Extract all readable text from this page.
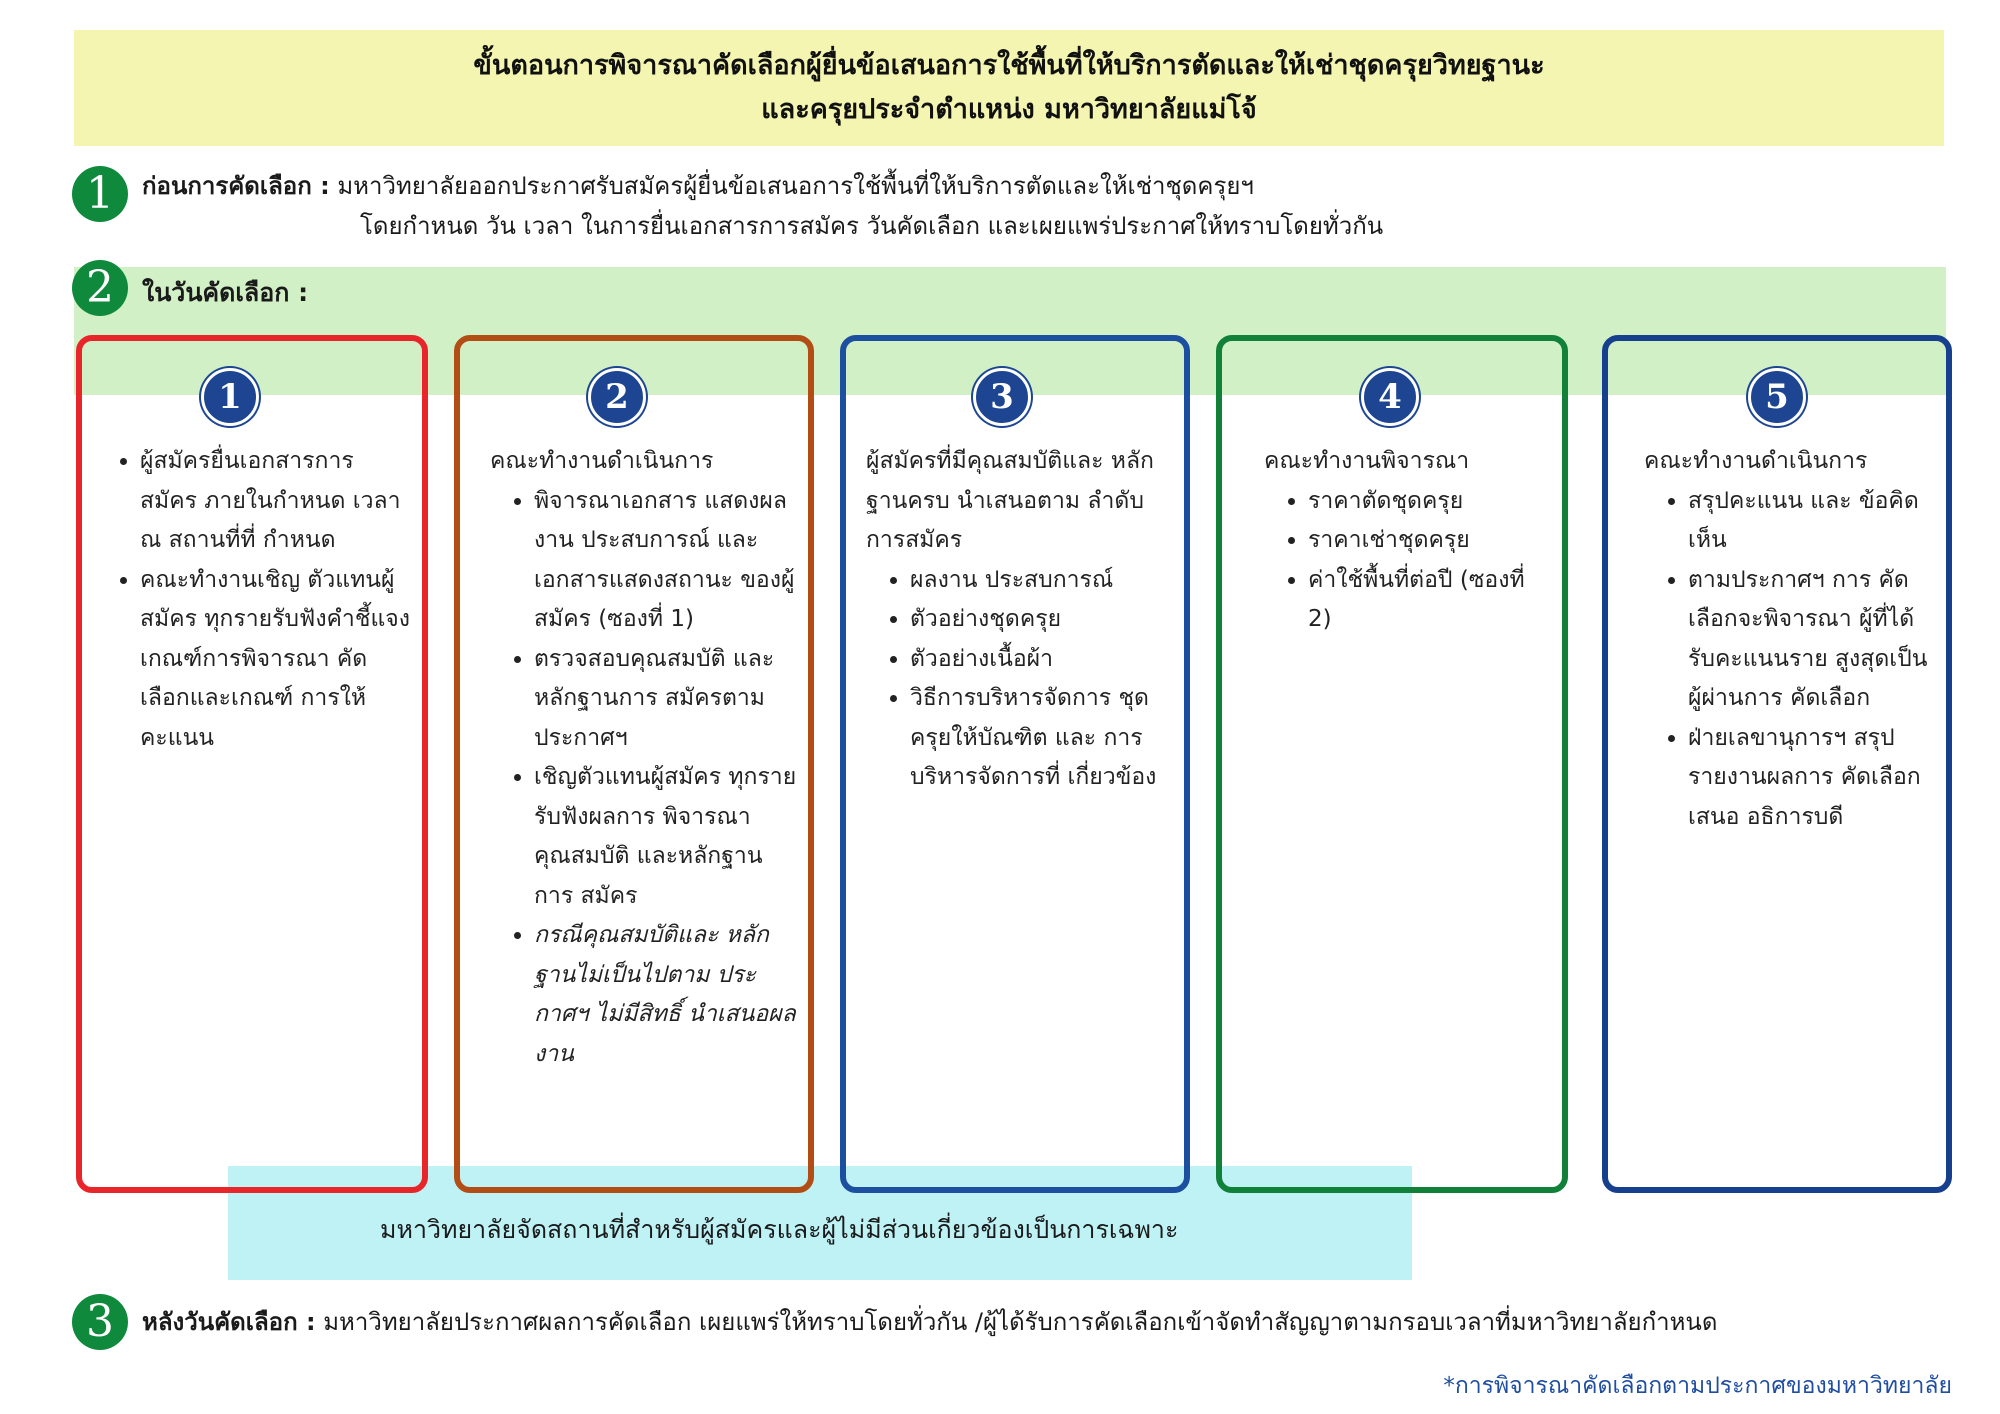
ขั้นตอนการพิจารณาคัดเลือกผู้ยื่นข้อเสนอการใช้พื้นที่ให้บริการตัดและให้เช่าชุดครุยวิทยฐานะ
และครุยประจำตำแหน่ง มหาวิทยาลัยแม่โจ้
1	ก่อนการคัดเลือก : มหาวิทยาลัยออกประกาศรับสมัครผู้ยื่นข้อเสนอการใช้พื้นที่ให้บริการตัดและให้เช่าชุดครุยฯ
โดยกำหนด วัน เวลา ในการยื่นเอกสารการสมัคร วันคัดเลือก และเผยแพร่ประกาศให้ทราบโดยทั่วกัน
2	ในวันคัดเลือก :
มหาวิทยาลัยจัดสถานที่สำหรับผู้สมัครและผู้ไม่มีส่วนเกี่ยวข้องเป็นการเฉพาะ
1
• ผู้สมัครยื่นเอกสารการ สมัคร ภายในกำหนด เวลา ณ สถานที่ที่ กำหนด
• คณะทำงานเชิญ ตัวแทนผู้สมัคร ทุกรายรับฟังคำชี้แจง เกณฑ์การพิจารณา คัดเลือกและเกณฑ์ การให้คะแนน
2
คณะทำงานดำเนินการ
• พิจารณาเอกสาร แสดงผลงาน ประสบการณ์ และ เอกสารแสดงสถานะ ของผู้สมัคร (ซองที่ 1)
• ตรวจสอบคุณสมบัติ และหลักฐานการ สมัครตามประกาศฯ
• เชิญตัวแทนผู้สมัคร ทุกราย รับฟังผลการ พิจารณาคุณสมบัติ และหลักฐานการ สมัคร
• กรณีคุณสมบัติและ หลักฐานไม่เป็นไปตาม ประกาศฯ ไม่มีสิทธิ์ นำเสนอผลงาน
3
ผู้สมัครที่มีคุณสมบัติและ หลักฐานครบ นำเสนอตาม ลำดับการสมัคร
• ผลงาน ประสบการณ์
• ตัวอย่างชุดครุย
• ตัวอย่างเนื้อผ้า
• วิธีการบริหารจัดการ ชุดครุยให้บัณฑิต และ การบริหารจัดการที่ เกี่ยวข้อง
4
คณะทำงานพิจารณา
• ราคาตัดชุดครุย
• ราคาเช่าชุดครุย
• ค่าใช้พื้นที่ต่อปี (ซองที่ 2)
5
คณะทำงานดำเนินการ
• สรุปคะแนน และ ข้อคิดเห็น
• ตามประกาศฯ การ คัดเลือกจะพิจารณา ผู้ที่ได้รับคะแนนราย สูงสุดเป็นผู้ผ่านการ คัดเลือก
• ฝ่ายเลขานุการฯ สรุปรายงานผลการ คัดเลือกเสนอ อธิการบดี
3	หลังวันคัดเลือก : มหาวิทยาลัยประกาศผลการคัดเลือก เผยแพร่ให้ทราบโดยทั่วกัน /ผู้ได้รับการคัดเลือกเข้าจัดทำสัญญาตามกรอบเวลาที่มหาวิทยาลัยกำหนด
*การพิจารณาคัดเลือกตามประกาศของมหาวิทยาลัย
